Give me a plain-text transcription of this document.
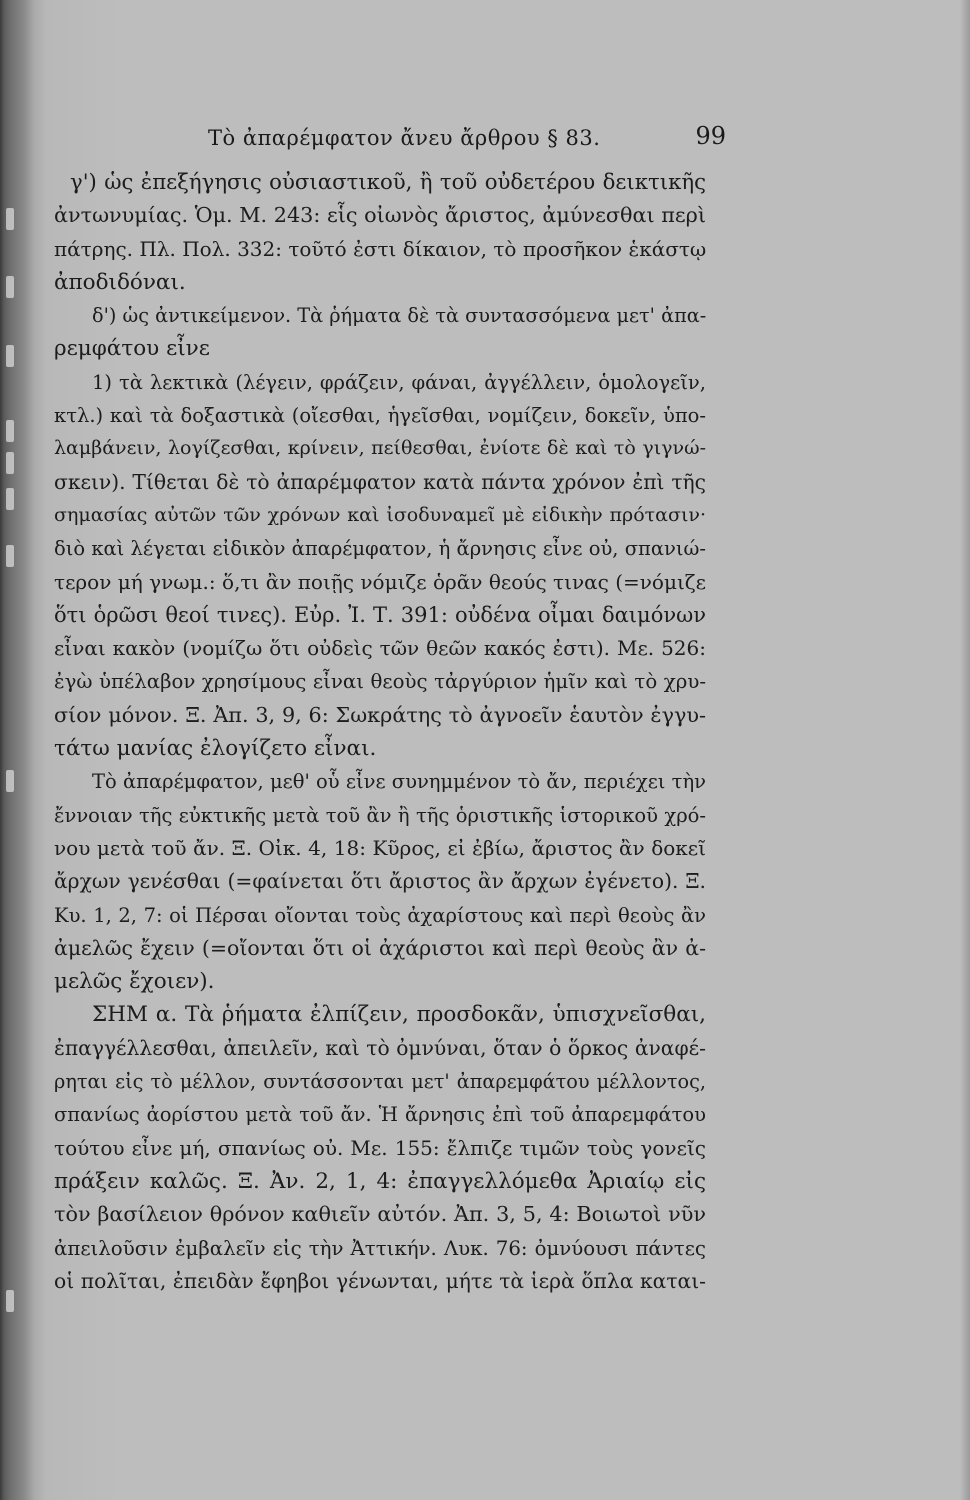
Τὸ ἀπαρέμφατον ἄνευ ἄρθρου § 83.	99
γ') ὡς ἐπεξήγησις οὐσιαστικοῦ, ἢ τοῦ οὐδετέρου δεικτικῆς
ἀντωνυμίας. Ὁμ. Μ. 243: εἷς οἰωνὸς ἄριστος, ἀμύνεσθαι περὶ
πάτρης. Πλ. Πολ. 332: τοῦτό ἐστι δίκαιον, τὸ προσῆκον ἑκάστῳ
ἀποδιδόναι.
δ') ὡς ἀντικείμενον. Τὰ ῥήματα δὲ τὰ συντασσόμενα μετ' ἀπα-
ρεμφάτου εἶνε
1) τὰ λεκτικὰ (λέγειν, φράζειν, φάναι, ἀγγέλλειν, ὁμολογεῖν,
κτλ.) καὶ τὰ δοξαστικὰ (οἴεσθαι, ἡγεῖσθαι, νομίζειν, δοκεῖν, ὑπο-
λαμβάνειν, λογίζεσθαι, κρίνειν, πείθεσθαι, ἐνίοτε δὲ καὶ τὸ γιγνώ-
σκειν). Τίθεται δὲ τὸ ἀπαρέμφατον κατὰ πάντα χρόνον ἐπὶ τῆς
σημασίας αὐτῶν τῶν χρόνων καὶ ἰσοδυναμεῖ μὲ εἰδικὴν πρότασιν·
διὸ καὶ λέγεται εἰδικὸν ἀπαρέμφατον, ἡ ἄρνησις εἶνε οὐ, σπανιώ-
τερον μή γνωμ.: ὅ,τι ἂν ποιῇς νόμιζε ὁρᾶν θεούς τινας (=νόμιζε
ὅτι ὁρῶσι θεοί τινες). Εὐρ. Ἰ. Τ. 391: οὐδένα οἶμαι δαιμόνων
εἶναι κακὸν (νομίζω ὅτι οὐδεὶς τῶν θεῶν κακός ἐστι). Με. 526:
ἐγὼ ὑπέλαβον χρησίμους εἶναι θεοὺς τἀργύριον ἡμῖν καὶ τὸ χρυ-
σίον μόνον. Ξ. Ἀπ. 3, 9, 6: Σωκράτης τὸ ἀγνοεῖν ἑαυτὸν ἐγγυ-
τάτω μανίας ἐλογίζετο εἶναι.
Τὸ ἀπαρέμφατον, μεθ' οὗ εἶνε συνημμένον τὸ ἄν, περιέχει τὴν
ἔννοιαν τῆς εὐκτικῆς μετὰ τοῦ ἂν ἢ τῆς ὁριστικῆς ἱστορικοῦ χρό-
νου μετὰ τοῦ ἄν. Ξ. Οἰκ. 4, 18: Κῦρος, εἰ ἐβίω, ἄριστος ἂν δοκεῖ
ἄρχων γενέσθαι (=φαίνεται ὅτι ἄριστος ἂν ἄρχων ἐγένετο). Ξ.
Κυ. 1, 2, 7: οἱ Πέρσαι οἴονται τοὺς ἀχαρίστους καὶ περὶ θεοὺς ἂν
ἀμελῶς ἔχειν (=οἴονται ὅτι οἱ ἀχάριστοι καὶ περὶ θεοὺς ἂν ἀ-
μελῶς ἔχοιεν).
ΣΗΜ α. Τὰ ῥήματα ἐλπίζειν, προσδοκᾶν, ὑπισχνεῖσθαι,
ἐπαγγέλλεσθαι, ἀπειλεῖν, καὶ τὸ ὀμνύναι, ὅταν ὁ ὅρκος ἀναφέ-
ρηται εἰς τὸ μέλλον, συντάσσονται μετ' ἀπαρεμφάτου μέλλοντος,
σπανίως ἀορίστου μετὰ τοῦ ἄν. Ἡ ἄρνησις ἐπὶ τοῦ ἀπαρεμφάτου
τούτου εἶνε μή, σπανίως οὐ. Με. 155: ἔλπιζε τιμῶν τοὺς γονεῖς
πράξειν καλῶς. Ξ. Ἀν. 2, 1, 4: ἐπαγγελλόμεθα Ἀριαίῳ εἰς
τὸν βασίλειον θρόνον καθιεῖν αὐτόν. Ἀπ. 3, 5, 4: Βοιωτοὶ νῦν
ἀπειλοῦσιν ἐμβαλεῖν εἰς τὴν Ἀττικήν. Λυκ. 76: ὀμνύουσι πάντες
οἱ πολῖται, ἐπειδὰν ἔφηβοι γένωνται, μήτε τὰ ἱερὰ ὅπλα καται-
